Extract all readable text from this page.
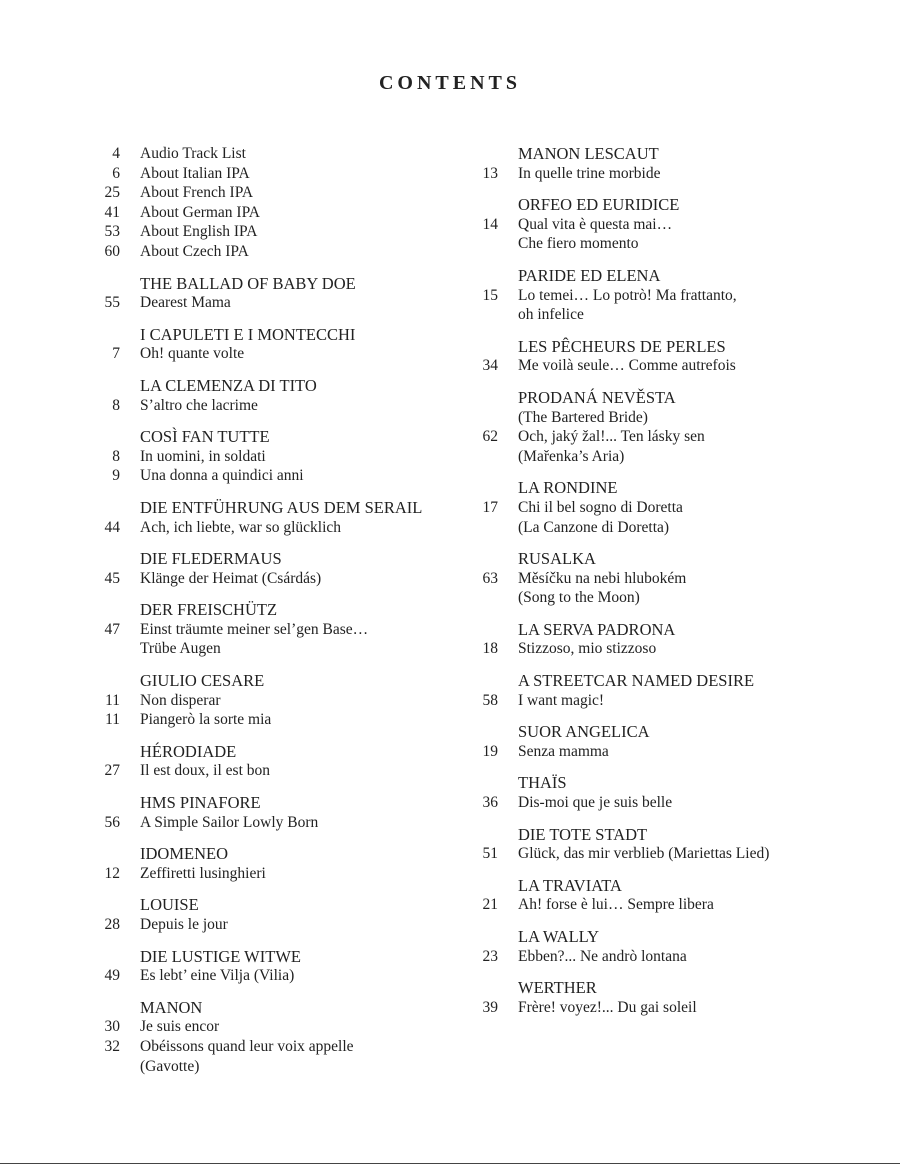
CONTENTS
4 Audio Track List
6 About Italian IPA
25 About French IPA
41 About German IPA
53 About English IPA
60 About Czech IPA
THE BALLAD OF BABY DOE
55 Dearest Mama
I CAPULETI E I MONTECCHI
7 Oh! quante volte
LA CLEMENZA DI TITO
8 S’altro che lacrime
COSÌ FAN TUTTE
8 In uomini, in soldati
9 Una donna a quindici anni
DIE ENTFÜHRUNG AUS DEM SERAIL
44 Ach, ich liebte, war so glücklich
DIE FLEDERMAUS
45 Klänge der Heimat (Csárdás)
DER FREISCHÜTZ
47 Einst träumte meiner sel’gen Base…
Trübe Augen
GIULIO CESARE
11 Non disperar
11 Piangerò la sorte mia
HÉRODIADE
27 Il est doux, il est bon
HMS PINAFORE
56 A Simple Sailor Lowly Born
IDOMENEO
12 Zeffiretti lusinghieri
LOUISE
28 Depuis le jour
DIE LUSTIGE WITWE
49 Es lebt’ eine Vilja (Vilia)
MANON
30 Je suis encor
32 Obéissons quand leur voix appelle
(Gavotte)
MANON LESCAUT
13 In quelle trine morbide
ORFEO ED EURIDICE
14 Qual vita è questa mai…
Che fiero momento
PARIDE ED ELENA
15 Lo temei… Lo potrò! Ma frattanto,
oh infelice
LES PÊCHEURS DE PERLES
34 Me voilà seule… Comme autrefois
PRODANÁ NEVĚSTA
(The Bartered Bride)
62 Och, jaký žal!... Ten lásky sen
(Mařenka’s Aria)
LA RONDINE
17 Chi il bel sogno di Doretta
(La Canzone di Doretta)
RUSALKA
63 Měsíčku na nebi hlubokém
(Song to the Moon)
LA SERVA PADRONA
18 Stizzoso, mio stizzoso
A STREETCAR NAMED DESIRE
58 I want magic!
SUOR ANGELICA
19 Senza mamma
THAÏS
36 Dis-moi que je suis belle
DIE TOTE STADT
51 Glück, das mir verblieb (Mariettas Lied)
LA TRAVIATA
21 Ah! forse è lui… Sempre libera
LA WALLY
23 Ebben?... Ne andrò lontana
WERTHER
39 Frère! voyez!... Du gai soleil
